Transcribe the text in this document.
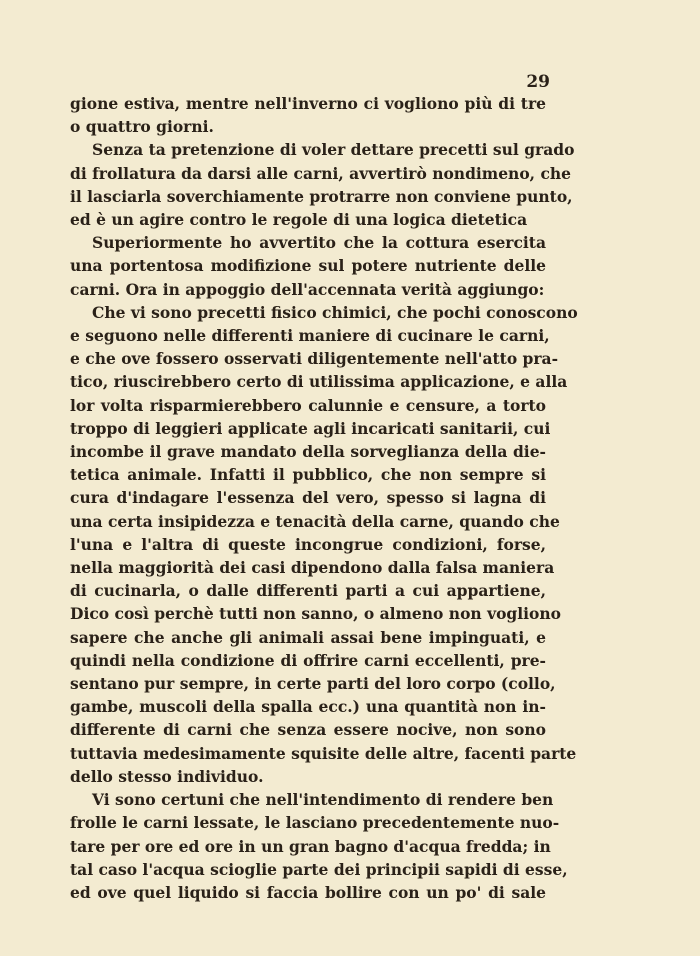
29
gione estiva, mentre nell'inverno ci vogliono più di tre
o quattro giorni.
Senza ta pretenzione di voler dettare precetti sul grado
di frollatura da darsi alle carni, avvertirò nondimeno, che
il lasciarla soverchiamente protrarre non conviene punto,
ed è un agire contro le regole di una logica dietetica
Superiormente ho avvertito che la cottura esercita
una portentosa modifizione sul potere nutriente delle
carni. Ora in appoggio dell'accennata verità aggiungo:
Che vi sono precetti fisico chimici, che pochi conoscono
e seguono nelle differenti maniere di cucinare le carni,
e che ove fossero osservati diligentemente nell'atto pra-
tico, riuscirebbero certo di utilissima applicazione, e alla
lor volta risparmierebbero calunnie e censure, a torto
troppo di leggieri applicate agli incaricati sanitarii, cui
incombe il grave mandato della sorveglianza della die-
tetica animale. Infatti il pubblico, che non sempre si
cura d'indagare l'essenza del vero, spesso si lagna di
una certa insipidezza e tenacità della carne, quando che
l'una e l'altra di queste incongrue condizioni, forse,
nella maggiorità dei casi dipendono dalla falsa maniera
di cucinarla, o dalle differenti parti a cui appartiene,
Dico così perchè tutti non sanno, o almeno non vogliono
sapere che anche gli animali assai bene impinguati, e
quindi nella condizione di offrire carni eccellenti, pre-
sentano pur sempre, in certe parti del loro corpo (collo,
gambe, muscoli della spalla ecc.) una quantità non in-
differente di carni che senza essere nocive, non sono
tuttavia medesimamente squisite delle altre, facenti parte
dello stesso individuo.
Vi sono certuni che nell'intendimento di rendere ben
frolle le carni lessate, le lasciano precedentemente nuo-
tare per ore ed ore in un gran bagno d'acqua fredda; in
tal caso l'acqua scioglie parte dei principii sapidi di esse,
ed ove quel liquido si faccia bollire con un po' di sale
